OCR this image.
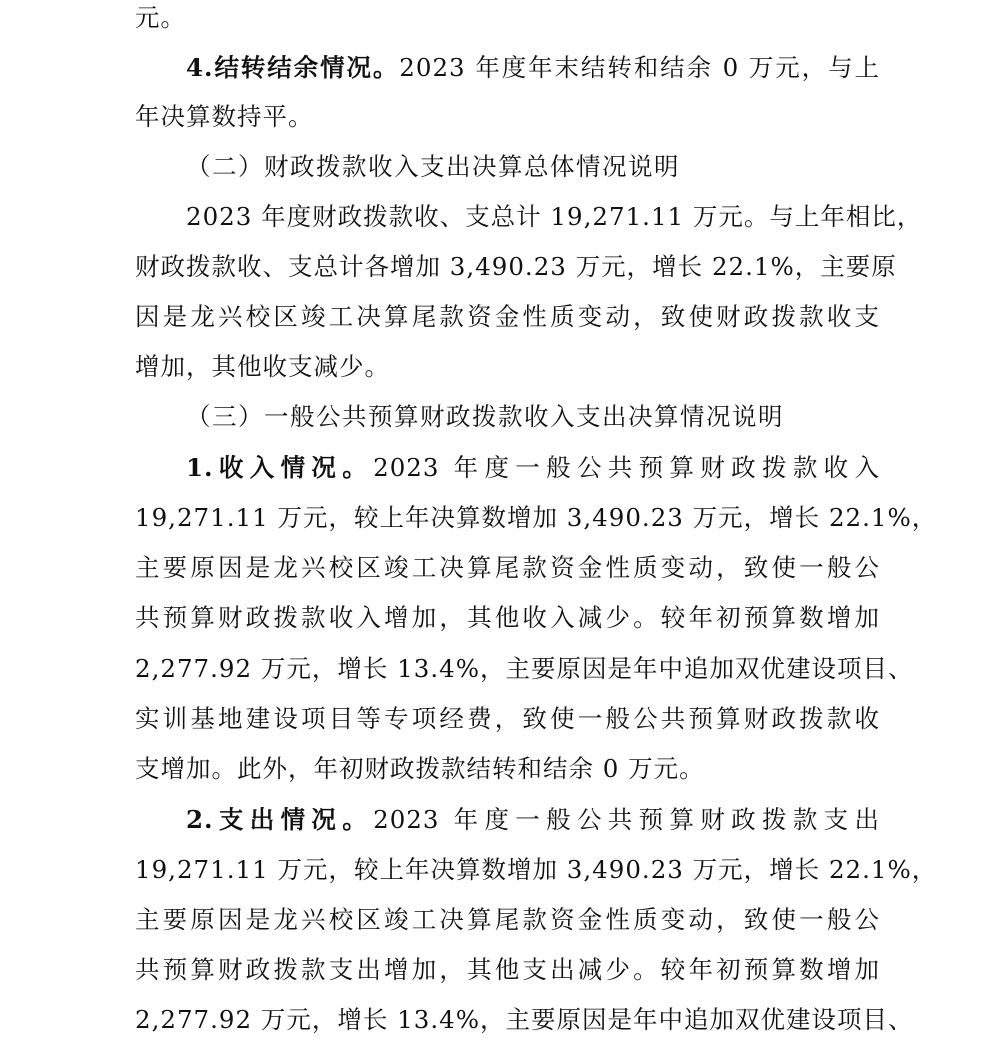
元。
4.结转结余情况。2023 年度年末结转和结余 0 万元，与上
年决算数持平。
（二）财政拨款收入支出决算总体情况说明
2023 年度财政拨款收、支总计 19,271.11 万元。与上年相比，
财政拨款收、支总计各增加 3,490.23 万元，增长 22.1%，主要原
因是龙兴校区竣工决算尾款资金性质变动，致使财政拨款收支
增加，其他收支减少。
（三）一般公共预算财政拨款收入支出决算情况说明
1.收入情况。2023 年度一般公共预算财政拨款收入
19,271.11 万元，较上年决算数增加 3,490.23 万元，增长 22.1%，
主要原因是龙兴校区竣工决算尾款资金性质变动，致使一般公
共预算财政拨款收入增加，其他收入减少。较年初预算数增加
2,277.92 万元，增长 13.4%，主要原因是年中追加双优建设项目、
实训基地建设项目等专项经费，致使一般公共预算财政拨款收
支增加。此外，年初财政拨款结转和结余 0 万元。
2.支出情况。2023 年度一般公共预算财政拨款支出
19,271.11 万元，较上年决算数增加 3,490.23 万元，增长 22.1%，
主要原因是龙兴校区竣工决算尾款资金性质变动，致使一般公
共预算财政拨款支出增加，其他支出减少。较年初预算数增加
2,277.92 万元，增长 13.4%，主要原因是年中追加双优建设项目、
